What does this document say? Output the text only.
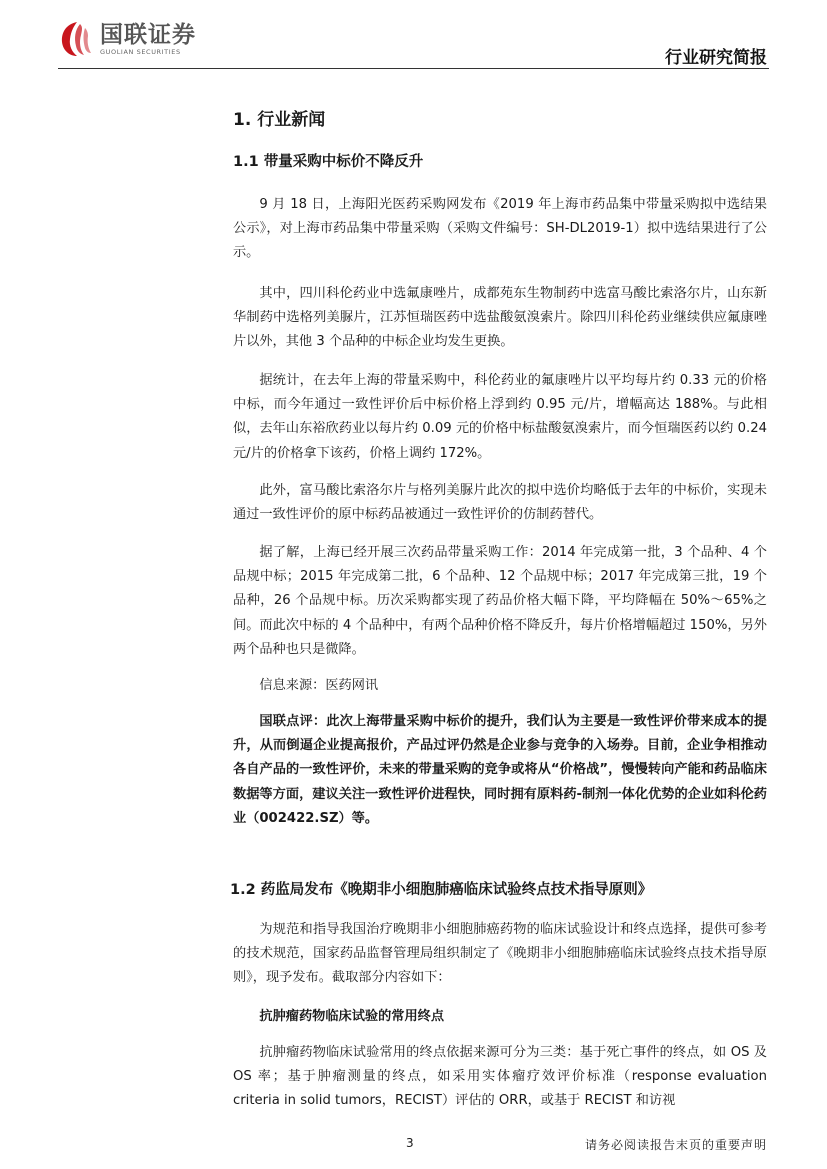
国联证券
GUOLIAN SECURITIES	行业研究简报
1. 行业新闻
1.1 带量采购中标价不降反升

9 月 18 日，上海阳光医药采购网发布《2019 年上海市药品集中带量采购拟中选结果公示》，对上海市药品集中带量采购（采购文件编号：SH-DL2019-1）拟中选结果进行了公示。

其中，四川科伦药业中选氟康唑片，成都苑东生物制药中选富马酸比索洛尔片，山东新华制药中选格列美脲片，江苏恒瑞医药中选盐酸氨溴索片。除四川科伦药业继续供应氟康唑片以外，其他 3 个品种的中标企业均发生更换。

据统计，在去年上海的带量采购中，科伦药业的氟康唑片以平均每片约 0.33 元的价格中标，而今年通过一致性评价后中标价格上浮到约 0.95 元/片，增幅高达 188%。与此相似，去年山东裕欣药业以每片约 0.09 元的价格中标盐酸氨溴索片，而今恒瑞医药以约 0.24 元/片的价格拿下该药，价格上调约 172%。

此外，富马酸比索洛尔片与格列美脲片此次的拟中选价均略低于去年的中标价，实现未通过一致性评价的原中标药品被通过一致性评价的仿制药替代。

据了解，上海已经开展三次药品带量采购工作：2014 年完成第一批，3 个品种、4 个品规中标；2015 年完成第二批，6 个品种、12 个品规中标；2017 年完成第三批，19 个品种，26 个品规中标。历次采购都实现了药品价格大幅下降，平均降幅在 50%～65%之间。而此次中标的 4 个品种中，有两个品种价格不降反升，每片价格增幅超过 150%，另外两个品种也只是微降。

信息来源：医药网讯

国联点评：此次上海带量采购中标价的提升，我们认为主要是一致性评价带来成本的提升，从而倒逼企业提高报价，产品过评仍然是企业参与竞争的入场券。目前，企业争相推动各自产品的一致性评价，未来的带量采购的竞争或将从“价格战”，慢慢转向产能和药品临床数据等方面，建议关注一致性评价进程快，同时拥有原料药-制剂一体化优势的企业如科伦药业（002422.SZ）等。

1.2 药监局发布《晚期非小细胞肺癌临床试验终点技术指导原则》

为规范和指导我国治疗晚期非小细胞肺癌药物的临床试验设计和终点选择，提供可参考的技术规范，国家药品监督管理局组织制定了《晚期非小细胞肺癌临床试验终点技术指导原则》，现予发布。截取部分内容如下：

抗肿瘤药物临床试验的常用终点

抗肿瘤药物临床试验常用的终点依据来源可分为三类：基于死亡事件的终点，如 OS 及 OS 率；基于肿瘤测量的终点，如采用实体瘤疗效评价标准（response evaluation criteria in solid tumors，RECIST）评估的 ORR，或基于 RECIST 和访视

3	请务必阅读报告末页的重要声明
